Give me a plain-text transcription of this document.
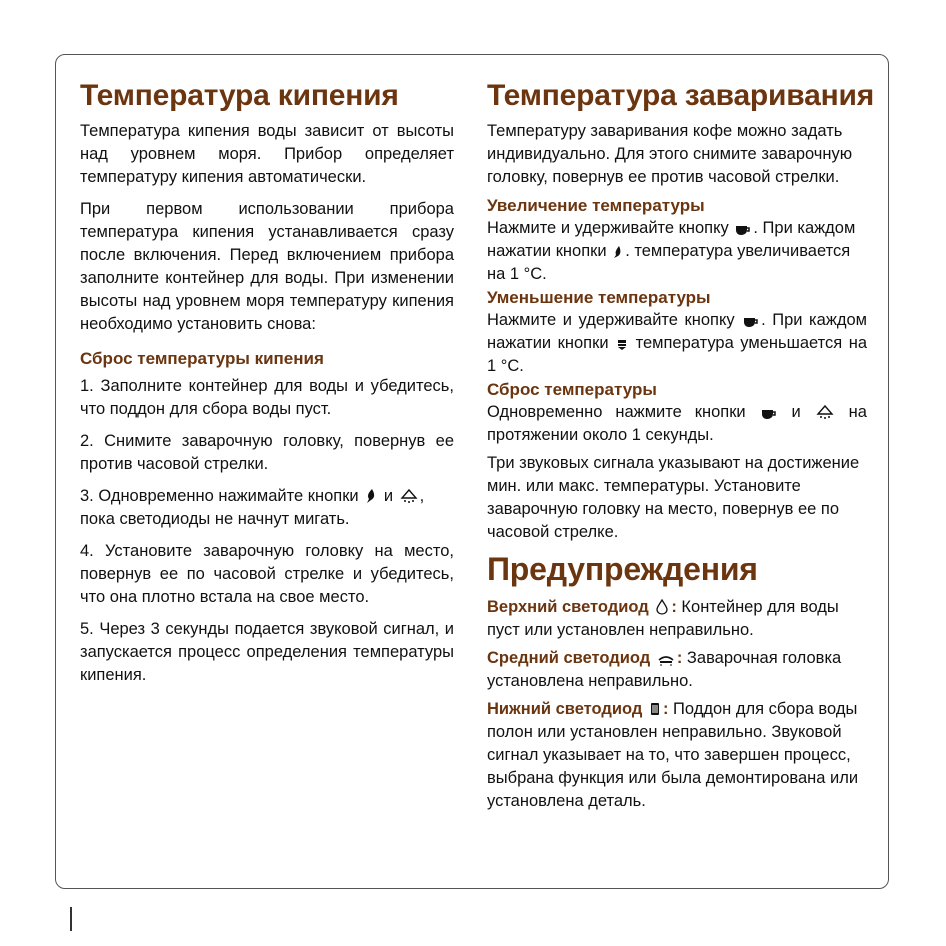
Температура кипения

Температура кипения воды зависит от высоты над уровнем моря. Прибор определяет температуру кипения автоматически.

При первом использовании прибора температура кипения устанавливается сразу после включения. Перед включением прибора заполните контейнер для воды. При изменении высоты над уровнем моря температуру кипения необходимо установить снова:

Сброс температуры кипения

1. Заполните контейнер для воды и убедитесь, что поддон для сбора воды пуст.

2. Снимите заварочную головку, повернув ее против часовой стрелки.

3. Одновременно нажимайте кнопки и , пока светодиоды не начнут мигать.

4. Установите заварочную головку на место, повернув ее по часовой стрелке и убедитесь, что она плотно встала на свое место.

5. Через 3 секунды подается звуковой сигнал, и запускается процесс определения температуры кипения.

Температура заваривания

Температуру заваривания кофе можно задать индивидуально. Для этого снимите заварочную головку, повернув ее против часовой стрелки.

Увеличение температуры

Нажмите и удерживайте кнопку . При каждом нажатии кнопки . температура увеличивается на 1 °C.

Уменьшение температуры

Нажмите и удерживайте кнопку . При каждом нажатии кнопки температура уменьшается на 1 °C.

Сброс температуры

Одновременно нажмите кнопки	и	на протяжении около 1 секунды.

Три звуковых сигнала указывают на достижение мин. или макс. температуры. Установите заварочную головку на место, повернув ее по часовой стрелке.

Предупреждения

Верхний светодиод : Контейнер для воды пуст или установлен неправильно.

Средний светодиод : Заварочная головка установлена неправильно.

Нижний светодиод : Поддон для сбора воды полон или установлен неправильно. Звуковой сигнал указывает на то, что завершен процесс, выбрана функция или была демонтирована или установлена деталь.
